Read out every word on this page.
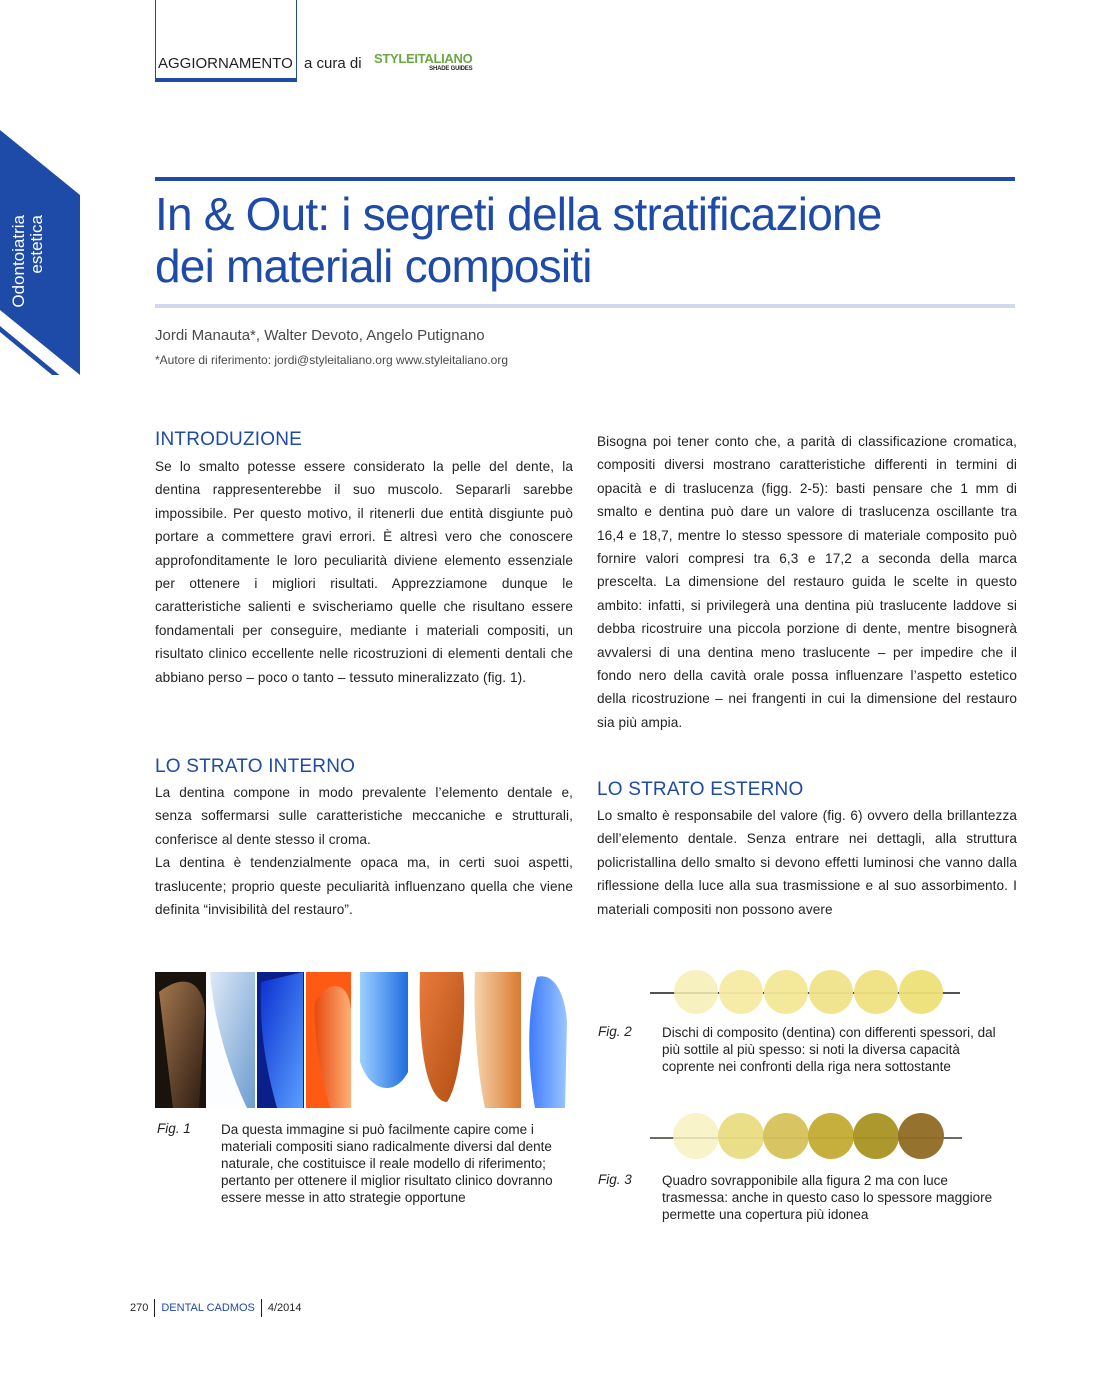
AGGIORNAMENTO a cura di STYLEITALIANO
SHADE GUIDES
Odontoiatria estetica
In & Out: i segreti della stratificazione
dei materiali compositi
Jordi Manauta*, Walter Devoto, Angelo Putignano
*Autore di riferimento: jordi@styleitaliano.org www.styleitaliano.org
INTRODUZIONE
Se lo smalto potesse essere considerato la pelle del dente, la dentina rappresenterebbe il suo muscolo. Separarli sarebbe impossibile. Per questo motivo, il ritenerli due entità disgiunte può portare a commettere gravi errori. È altresì vero che conoscere approfonditamente le loro peculiarità diviene elemento essenziale per ottenere i migliori risultati. Apprezziamone dunque le caratteristiche salienti e svischeriamo quelle che risultano essere fondamentali per conseguire, mediante i materiali compositi, un risultato clinico eccellente nelle ricostruzioni di elementi dentali che abbiano perso – poco o tanto – tessuto mineralizzato (fig. 1).
LO STRATO INTERNO
La dentina compone in modo prevalente l’elemento dentale e, senza soffermarsi sulle caratteristiche meccaniche e strutturali, conferisce al dente stesso il croma.
La dentina è tendenzialmente opaca ma, in certi suoi aspetti, traslucente; proprio queste peculiarità influenzano quella che viene definita “invisibilità del restauro”.
Bisogna poi tener conto che, a parità di classificazione cromatica, compositi diversi mostrano caratteristiche differenti in termini di opacità e di traslucenza (figg. 2-5): basti pensare che 1 mm di smalto e dentina può dare un valore di traslucenza oscillante tra 16,4 e 18,7, mentre lo stesso spessore di materiale composito può fornire valori compresi tra 6,3 e 17,2 a seconda della marca prescelta. La dimensione del restauro guida le scelte in questo ambito: infatti, si privilegerà una dentina più traslucente laddove si debba ricostruire una piccola porzione di dente, mentre bisognerà avvalersi di una dentina meno traslucente – per impedire che il fondo nero della cavità orale possa influenzare l’aspetto estetico della ricostruzione – nei frangenti in cui la dimensione del restauro sia più ampia.
LO STRATO ESTERNO
Lo smalto è responsabile del valore (fig. 6) ovvero della brillantezza dell’elemento dentale. Senza entrare nei dettagli, alla struttura policristallina dello smalto si devono effetti luminosi che vanno dalla riflessione della luce alla sua trasmissione e al suo assorbimento. I materiali compositi non possono avere
Fig. 1 Da questa immagine si può facilmente capire come i materiali compositi siano radicalmente diversi dal dente naturale, che costituisce il reale modello di riferimento; pertanto per ottenere il miglior risultato clinico dovranno essere messe in atto strategie opportune
Fig. 2 Dischi di composito (dentina) con differenti spessori, dal più sottile al più spesso: si noti la diversa capacità coprente nei confronti della riga nera sottostante
Fig. 3 Quadro sovrapponibile alla figura 2 ma con luce trasmessa: anche in questo caso lo spessore maggiore permette una copertura più idonea
270 DENTAL CADMOS 4/2014
